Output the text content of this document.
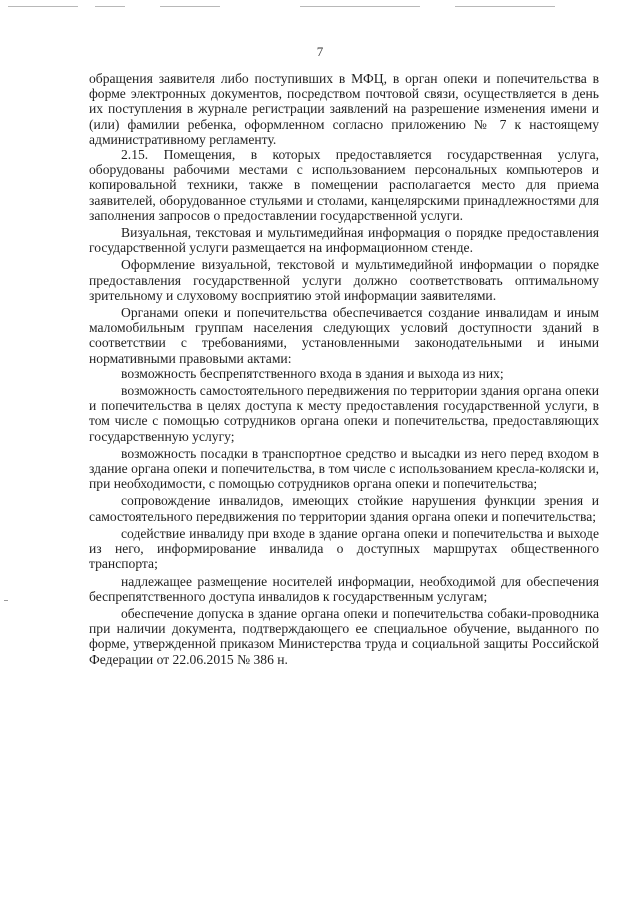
7

обращения заявителя либо поступивших в МФЦ, в орган опеки и попечительства в форме электронных документов, посредством почтовой связи, осуществляется в день их поступления в журнале регистрации заявлений на разрешение изменения имени и (или) фамилии ребенка, оформленном согласно приложению № 7 к настоящему административному регламенту.

2.15. Помещения, в которых предоставляется государственная услуга, оборудованы рабочими местами с использованием персональных компьютеров и копировальной техники, также в помещении располагается место для приема заявителей, оборудованное стульями и столами, канцелярскими принадлежностями для заполнения запросов о предоставлении государственной услуги.

Визуальная, текстовая и мультимедийная информация о порядке предоставления государственной услуги размещается на информационном стенде.

Оформление визуальной, текстовой и мультимедийной информации о порядке предоставления государственной услуги должно соответствовать оптимальному зрительному и слуховому восприятию этой информации заявителями.

Органами опеки и попечительства обеспечивается создание инвалидам и иным маломобильным группам населения следующих условий доступности зданий в соответствии с требованиями, установленными законодательными и иными нормативными правовыми актами:

возможность беспрепятственного входа в здания и выхода из них;

возможность самостоятельного передвижения по территории здания органа опеки и попечительства в целях доступа к месту предоставления государственной услуги, в том числе с помощью сотрудников органа опеки и попечительства, предоставляющих государственную услугу;

возможность посадки в транспортное средство и высадки из него перед входом в здание органа опеки и попечительства, в том числе с использованием кресла-коляски и, при необходимости, с помощью сотрудников органа опеки и попечительства;

сопровождение инвалидов, имеющих стойкие нарушения функции зрения и самостоятельного передвижения по территории здания органа опеки и попечительства;

содействие инвалиду при входе в здание органа опеки и попечительства и выходе из него, информирование инвалида о доступных маршрутах общественного транспорта;

надлежащее размещение носителей информации, необходимой для обеспечения беспрепятственного доступа инвалидов к государственным услугам;

обеспечение допуска в здание органа опеки и попечительства собаки-проводника при наличии документа, подтверждающего ее специальное обучение, выданного по форме, утвержденной приказом Министерства труда и социальной защиты Российской Федерации от 22.06.2015 № 386 н.
